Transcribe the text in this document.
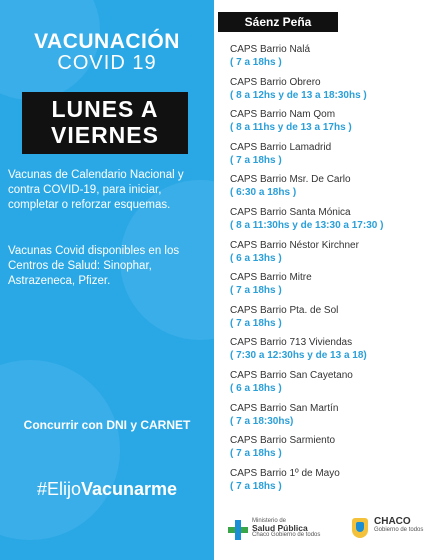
VACUNACIÓN
COVID 19
LUNES A VIERNES
Vacunas de Calendario Nacional y contra COVID-19, para iniciar, completar o reforzar esquemas.
Vacunas Covid disponibles en los Centros de Salud: Sinophar, Astrazeneca, Pfizer.
Concurrir con DNI y CARNET
#ElijoVacunarme
Sáenz Peña
CAPS Barrio Nalá
( 7 a 18hs )
CAPS Barrio Obrero
( 8 a 12hs y de 13 a 18:30hs )
CAPS Barrio Nam Qom
( 8 a 11hs y de 13 a 17hs )
CAPS Barrio Lamadrid
( 7 a 18hs )
CAPS Barrio Msr. De Carlo
( 6:30 a 18hs )
CAPS Barrio Santa Mónica
( 8 a 11:30hs y de 13:30 a 17:30 )
CAPS Barrio Néstor Kirchner
( 6 a 13hs )
CAPS Barrio Mitre
( 7 a 18hs )
CAPS Barrio Pta. de Sol
( 7 a 18hs )
CAPS Barrio 713 Viviendas
( 7:30 a 12:30hs y de 13 a 18)
CAPS Barrio San Cayetano
( 6 a 18hs )
CAPS Barrio San Martín
( 7 a 18:30hs)
CAPS Barrio Sarmiento
( 7 a 18hs )
CAPS Barrio 1º de Mayo
( 7 a 18hs )
Ministerio de
Salud Pública
Chaco Gobierno de todos
CHACO
Gobierno de todos
